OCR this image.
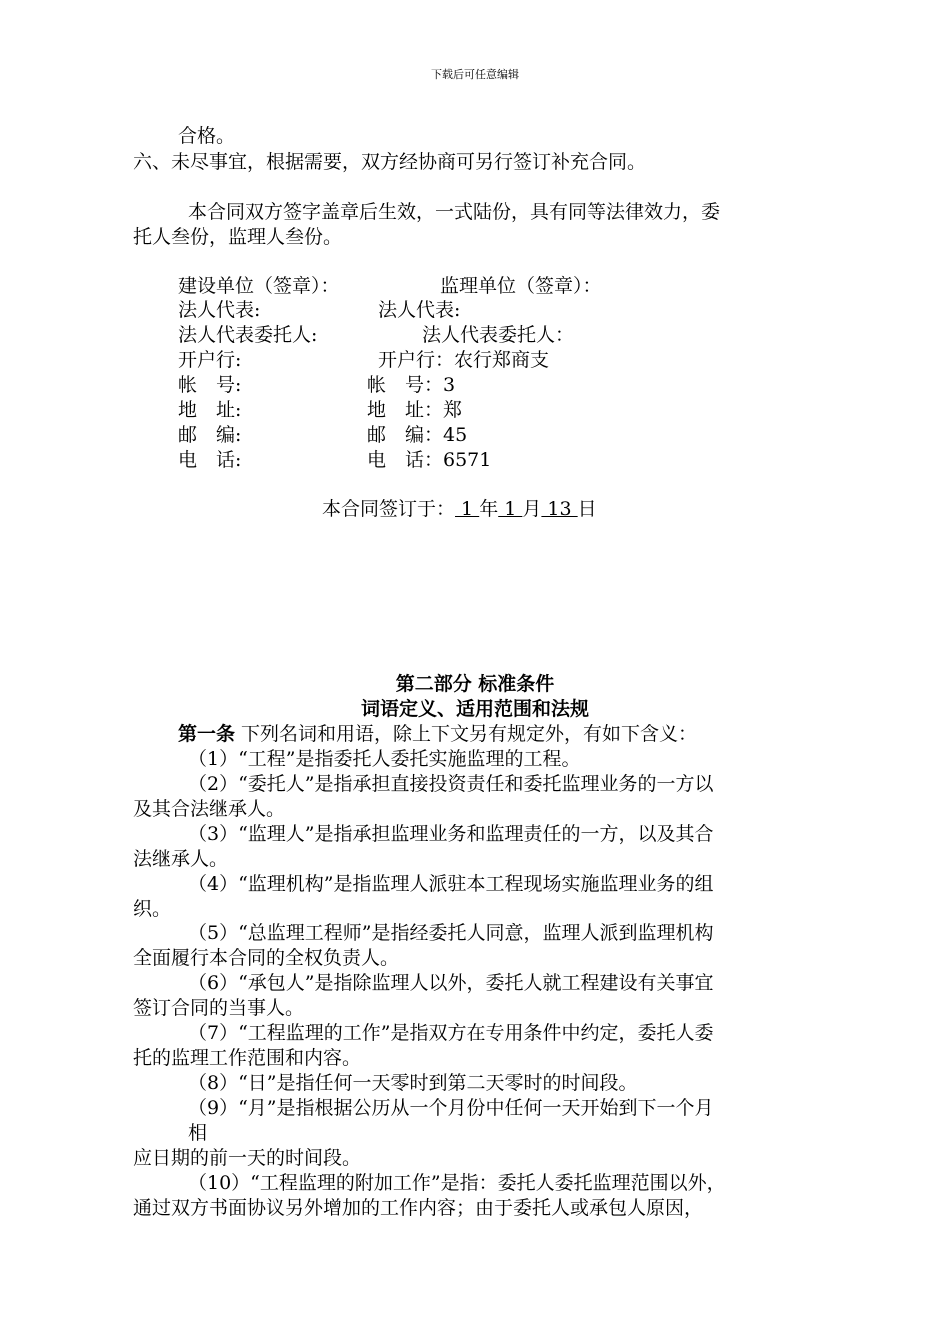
下载后可任意编辑
合格。
六、未尽事宜，根据需要，双方经协商可另行签订补充合同。
本合同双方签字盖章后生效，一式陆份，具有同等法律效力，委
托人叁份，监理人叁份。
建设单位（签章）：	监理单位（签章）：
法人代表:	法人代表:
法人代表委托人:	法人代表委托人：
开户行:	开户行：农行郑商支
帐　号:	帐　号：3
地　址:	地　址：郑
邮　编:	邮　编：45
电　话:	电　话：6571
本合同签订于： 1 年 1 月 13 日
第二部分 标准条件
词语定义、适用范围和法规
第一条 下列名词和用语，除上下文另有规定外，有如下含义：
（1）“工程”是指委托人委托实施监理的工程。
（2）“委托人”是指承担直接投资责任和委托监理业务的一方以
及其合法继承人。
（3）“监理人”是指承担监理业务和监理责任的一方，以及其合
法继承人。
（4）“监理机构”是指监理人派驻本工程现场实施监理业务的组
织。
（5）“总监理工程师”是指经委托人同意，监理人派到监理机构
全面履行本合同的全权负责人。
（6）“承包人”是指除监理人以外，委托人就工程建设有关事宜
签订合同的当事人。
（7）“工程监理的工作”是指双方在专用条件中约定，委托人委
托的监理工作范围和内容。
（8）“日”是指任何一天零时到第二天零时的时间段。
（9）“月”是指根据公历从一个月份中任何一天开始到下一个月
相
应日期的前一天的时间段。
（10）“工程监理的附加工作”是指：委托人委托监理范围以外，
通过双方书面协议另外增加的工作内容；由于委托人或承包人原因，
